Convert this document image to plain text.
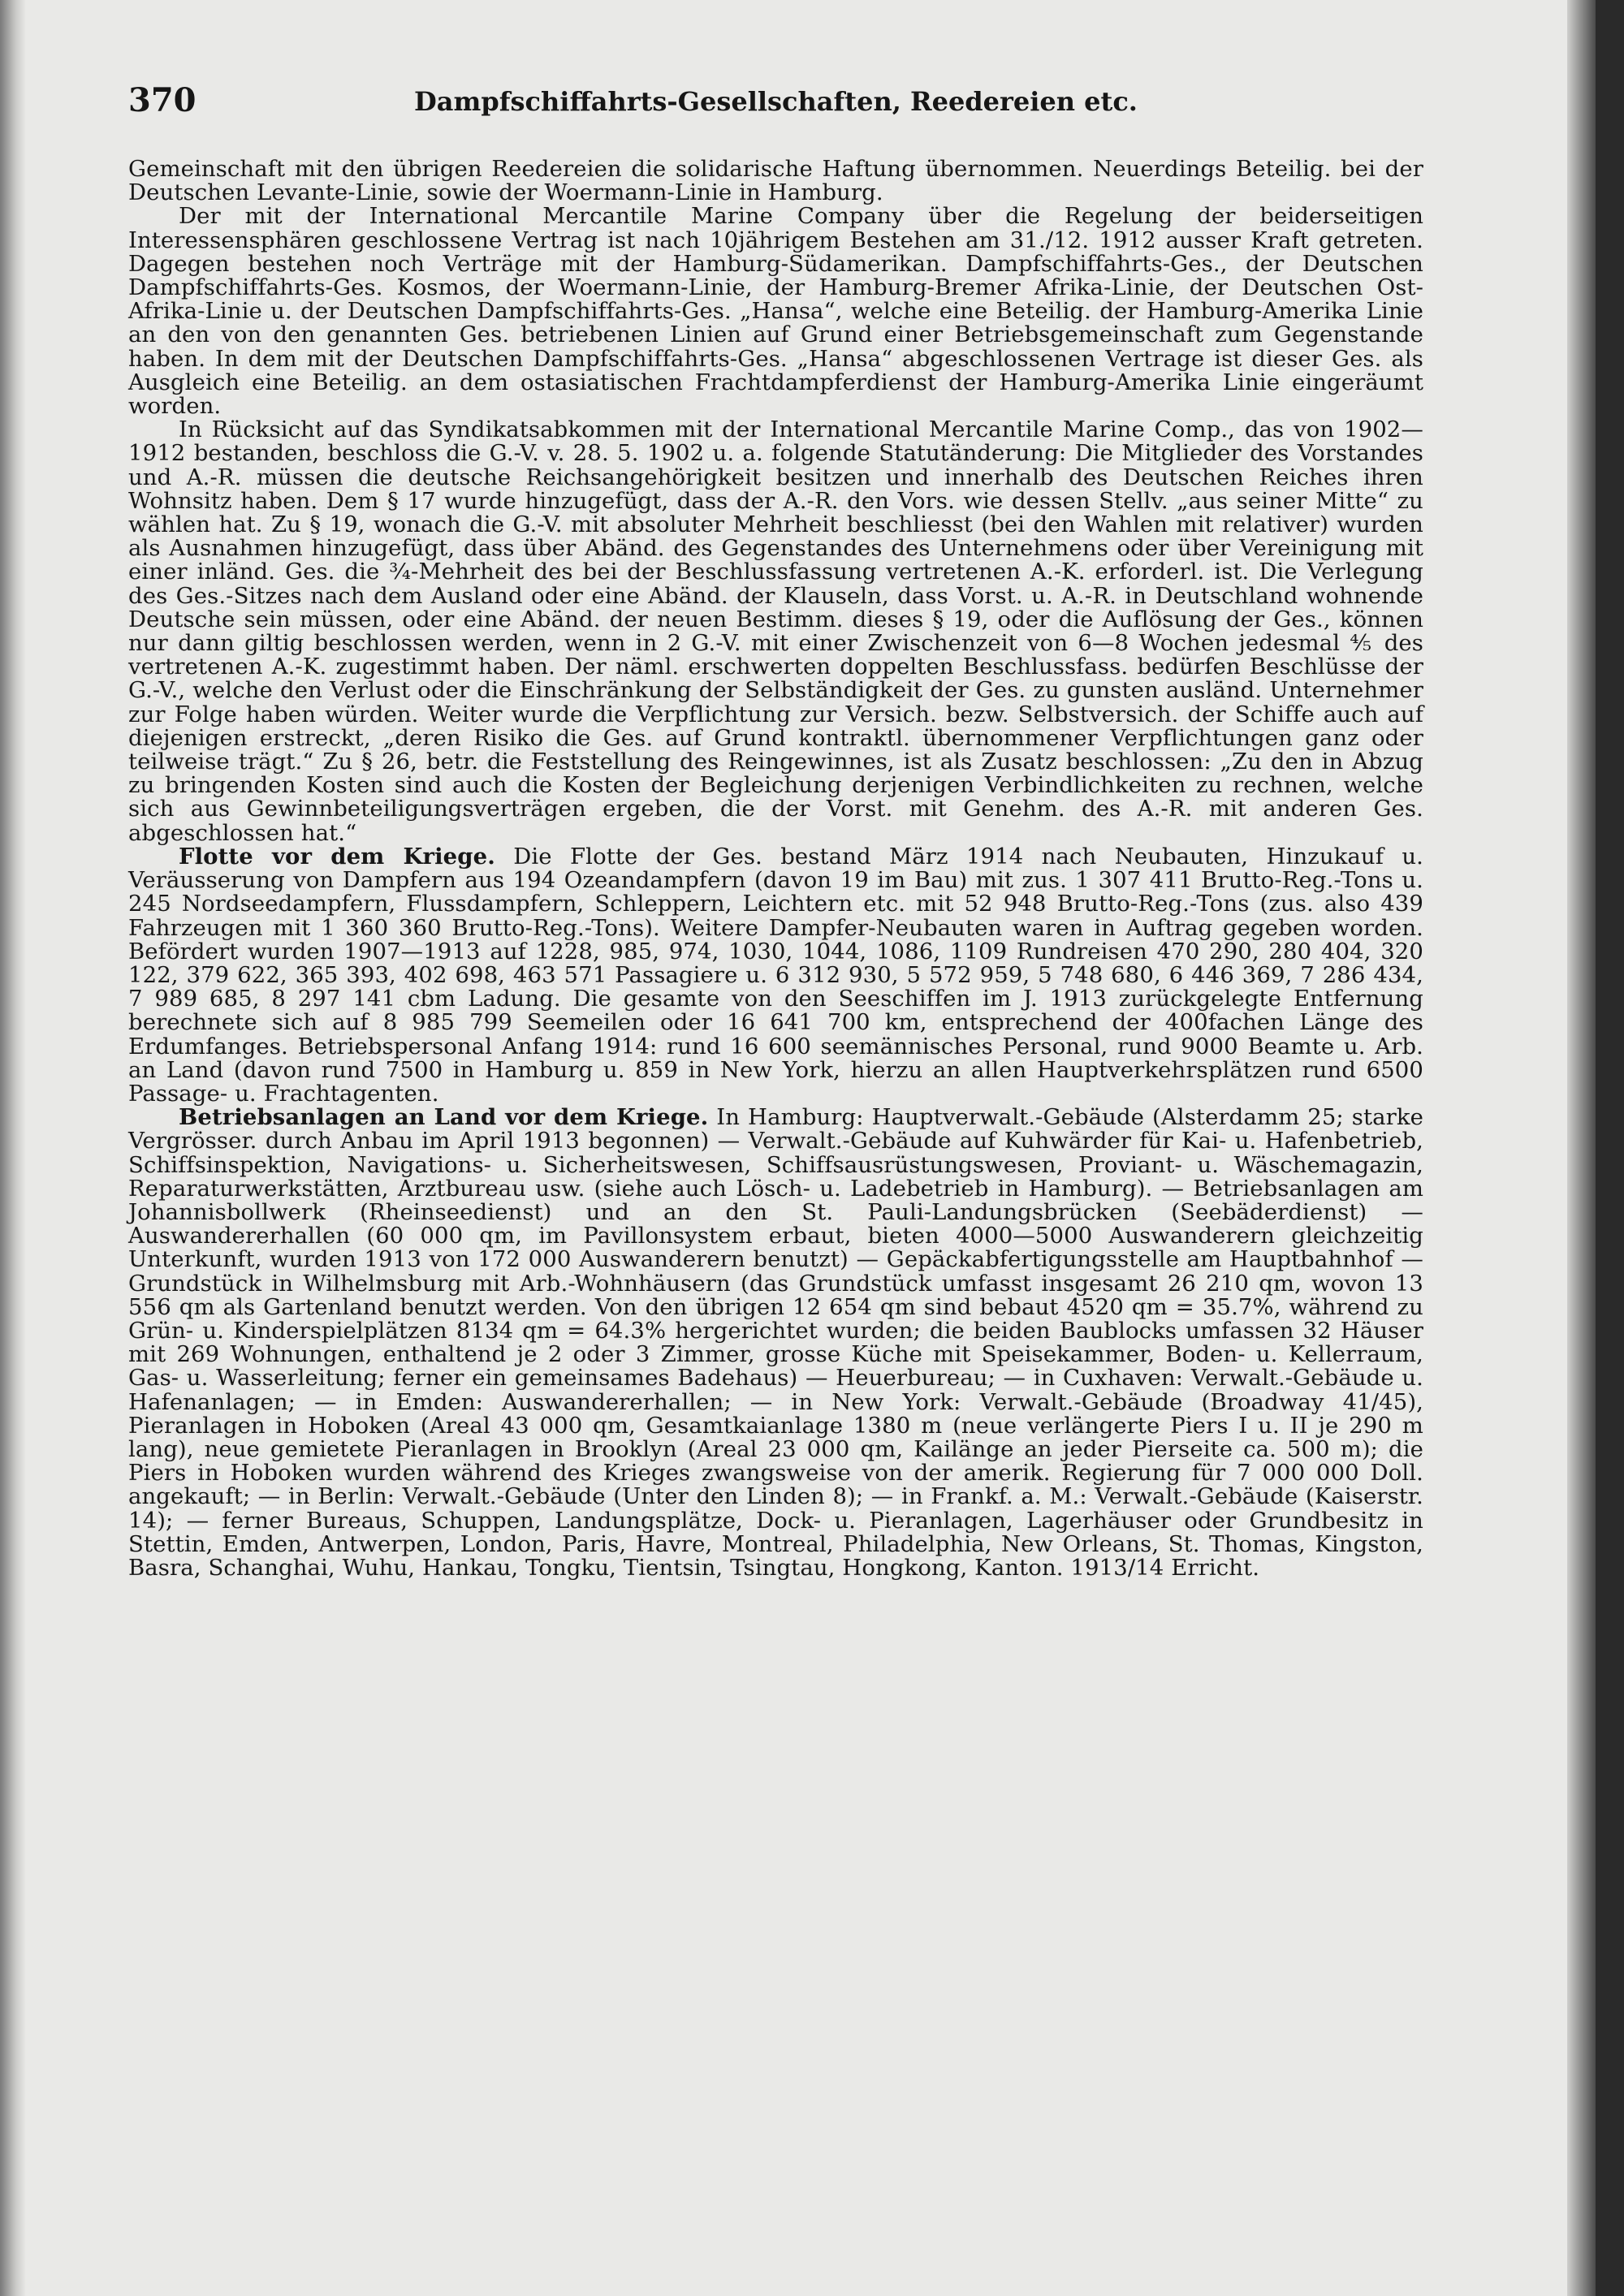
370	Dampfschiffahrts-Gesellschaften, Reedereien etc.

Gemeinschaft mit den übrigen Reedereien die solidarische Haftung übernommen. Neuerdings Beteilig. bei der Deutschen Levante-Linie, sowie der Woermann-Linie in Hamburg.

Der mit der International Mercantile Marine Company über die Regelung der beiderseitigen Interessensphären geschlossene Vertrag ist nach 10jährigem Bestehen am 31./12. 1912 ausser Kraft getreten. Dagegen bestehen noch Verträge mit der Hamburg-Südamerikan. Dampfschiffahrts-Ges., der Deutschen Dampfschiffahrts-Ges. Kosmos, der Woermann-Linie, der Hamburg-Bremer Afrika-Linie, der Deutschen Ost-Afrika-Linie u. der Deutschen Dampfschiffahrts-Ges. „Hansa“, welche eine Beteilig. der Hamburg-Amerika Linie an den von den genannten Ges. betriebenen Linien auf Grund einer Betriebsgemeinschaft zum Gegenstande haben. In dem mit der Deutschen Dampfschiffahrts-Ges. „Hansa“ abgeschlossenen Vertrage ist dieser Ges. als Ausgleich eine Beteilig. an dem ostasiatischen Frachtdampferdienst der Hamburg-Amerika Linie eingeräumt worden.

In Rücksicht auf das Syndikatsabkommen mit der International Mercantile Marine Comp., das von 1902—1912 bestanden, beschloss die G.-V. v. 28. 5. 1902 u. a. folgende Statutänderung: Die Mitglieder des Vorstandes und A.-R. müssen die deutsche Reichsangehörigkeit besitzen und innerhalb des Deutschen Reiches ihren Wohnsitz haben. Dem § 17 wurde hinzugefügt, dass der A.-R. den Vors. wie dessen Stellv. „aus seiner Mitte“ zu wählen hat. Zu § 19, wonach die G.-V. mit absoluter Mehrheit beschliesst (bei den Wahlen mit relativer) wurden als Ausnahmen hinzugefügt, dass über Abänd. des Gegenstandes des Unternehmens oder über Vereinigung mit einer inländ. Ges. die ¾-Mehrheit des bei der Beschlussfassung vertretenen A.-K. erforderl. ist. Die Verlegung des Ges.-Sitzes nach dem Ausland oder eine Abänd. der Klauseln, dass Vorst. u. A.-R. in Deutschland wohnende Deutsche sein müssen, oder eine Abänd. der neuen Bestimm. dieses § 19, oder die Auflösung der Ges., können nur dann giltig beschlossen werden, wenn in 2 G.-V. mit einer Zwischenzeit von 6—8 Wochen jedesmal ⅘ des vertretenen A.-K. zugestimmt haben. Der näml. erschwerten doppelten Beschlussfass. bedürfen Beschlüsse der G.-V., welche den Verlust oder die Einschränkung der Selbständigkeit der Ges. zu gunsten ausländ. Unternehmer zur Folge haben würden. Weiter wurde die Verpflichtung zur Versich. bezw. Selbstversich. der Schiffe auch auf diejenigen erstreckt, „deren Risiko die Ges. auf Grund kontraktl. übernommener Verpflichtungen ganz oder teilweise trägt.“ Zu § 26, betr. die Feststellung des Reingewinnes, ist als Zusatz beschlossen: „Zu den in Abzug zu bringenden Kosten sind auch die Kosten der Begleichung derjenigen Verbindlichkeiten zu rechnen, welche sich aus Gewinnbeteiligungsverträgen ergeben, die der Vorst. mit Genehm. des A.-R. mit anderen Ges. abgeschlossen hat.“

Flotte vor dem Kriege. Die Flotte der Ges. bestand März 1914 nach Neubauten, Hinzukauf u. Veräusserung von Dampfern aus 194 Ozeandampfern (davon 19 im Bau) mit zus. 1 307 411 Brutto-Reg.-Tons u. 245 Nordseedampfern, Flussdampfern, Schleppern, Leichtern etc. mit 52 948 Brutto-Reg.-Tons (zus. also 439 Fahrzeugen mit 1 360 360 Brutto-Reg.-Tons). Weitere Dampfer-Neubauten waren in Auftrag gegeben worden. Befördert wurden 1907—1913 auf 1228, 985, 974, 1030, 1044, 1086, 1109 Rundreisen 470 290, 280 404, 320 122, 379 622, 365 393, 402 698, 463 571 Passagiere u. 6 312 930, 5 572 959, 5 748 680, 6 446 369, 7 286 434, 7 989 685, 8 297 141 cbm Ladung. Die gesamte von den Seeschiffen im J. 1913 zurückgelegte Entfernung berechnete sich auf 8 985 799 Seemeilen oder 16 641 700 km, entsprechend der 400fachen Länge des Erdumfanges. Betriebspersonal Anfang 1914: rund 16 600 seemännisches Personal, rund 9000 Beamte u. Arb. an Land (davon rund 7500 in Hamburg u. 859 in New York, hierzu an allen Hauptverkehrsplätzen rund 6500 Passage- u. Frachtagenten.

Betriebsanlagen an Land vor dem Kriege. In Hamburg: Hauptverwalt.-Gebäude (Alsterdamm 25; starke Vergrösser. durch Anbau im April 1913 begonnen) — Verwalt.-Gebäude auf Kuhwärder für Kai- u. Hafenbetrieb, Schiffsinspektion, Navigations- u. Sicherheitswesen, Schiffsausrüstungswesen, Proviant- u. Wäschemagazin, Reparaturwerkstätten, Arztbureau usw. (siehe auch Lösch- u. Ladebetrieb in Hamburg). — Betriebsanlagen am Johannisbollwerk (Rheinseedienst) und an den St. Pauli-Landungsbrücken (Seebäderdienst) — Auswandererhallen (60 000 qm, im Pavillonsystem erbaut, bieten 4000—5000 Auswanderern gleichzeitig Unterkunft, wurden 1913 von 172 000 Auswanderern benutzt) — Gepäckabfertigungsstelle am Hauptbahnhof — Grundstück in Wilhelmsburg mit Arb.-Wohnhäusern (das Grundstück umfasst insgesamt 26 210 qm, wovon 13 556 qm als Gartenland benutzt werden. Von den übrigen 12 654 qm sind bebaut 4520 qm = 35.7%, während zu Grün- u. Kinderspielplätzen 8134 qm = 64.3% hergerichtet wurden; die beiden Baublocks umfassen 32 Häuser mit 269 Wohnungen, enthaltend je 2 oder 3 Zimmer, grosse Küche mit Speisekammer, Boden- u. Kellerraum, Gas- u. Wasserleitung; ferner ein gemeinsames Badehaus) — Heuerbureau; — in Cuxhaven: Verwalt.-Gebäude u. Hafenanlagen; — in Emden: Auswandererhallen; — in New York: Verwalt.-Gebäude (Broadway 41/45), Pieranlagen in Hoboken (Areal 43 000 qm, Gesamtkaianlage 1380 m (neue verlängerte Piers I u. II je 290 m lang), neue gemietete Pieranlagen in Brooklyn (Areal 23 000 qm, Kailänge an jeder Pierseite ca. 500 m); die Piers in Hoboken wurden während des Krieges zwangsweise von der amerik. Regierung für 7 000 000 Doll. angekauft; — in Berlin: Verwalt.-Gebäude (Unter den Linden 8); — in Frankf. a. M.: Verwalt.-Gebäude (Kaiserstr. 14); — ferner Bureaus, Schuppen, Landungsplätze, Dock- u. Pieranlagen, Lagerhäuser oder Grundbesitz in Stettin, Emden, Antwerpen, London, Paris, Havre, Montreal, Philadelphia, New Orleans, St. Thomas, Kingston, Basra, Schanghai, Wuhu, Hankau, Tongku, Tientsin, Tsingtau, Hongkong, Kanton. 1913/14 Erricht.
